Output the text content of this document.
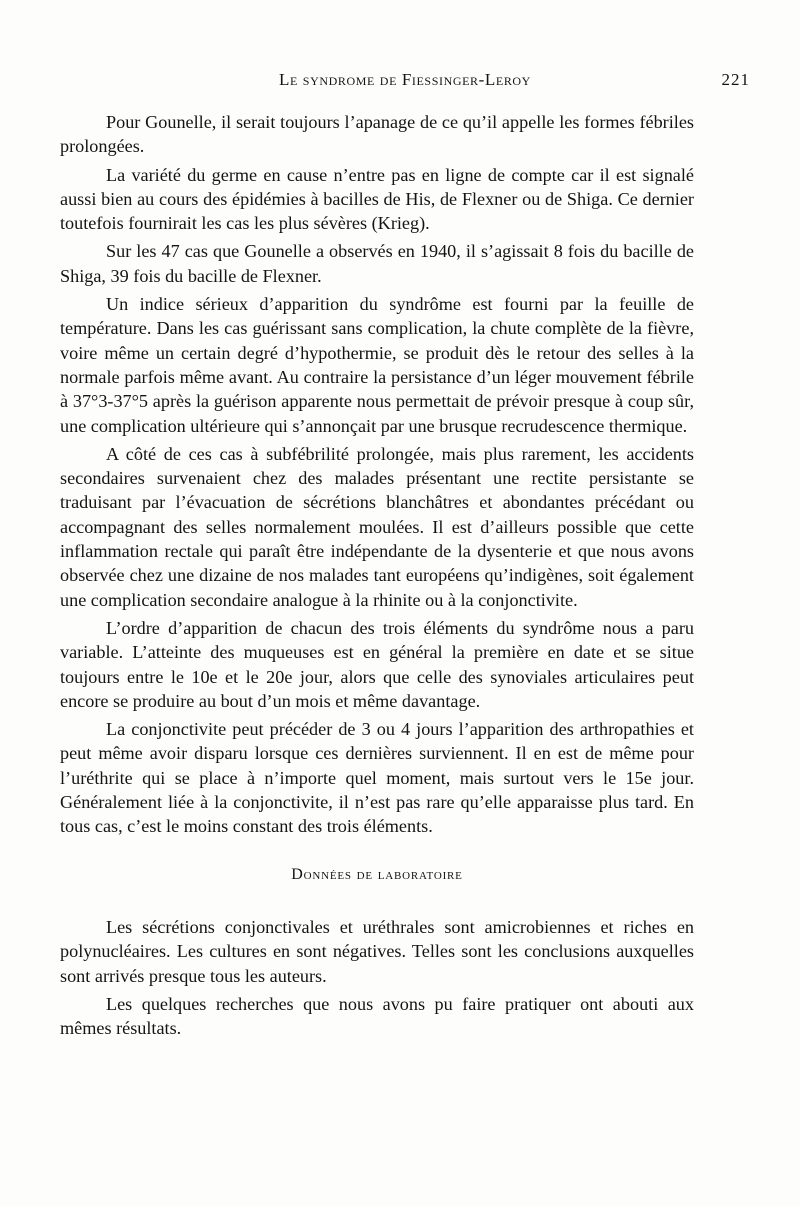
Le syndrome de Fiessinger-Leroy	221

Pour Gounelle, il serait toujours l’apanage de ce qu’il appelle les formes fébriles prolongées.

La variété du germe en cause n’entre pas en ligne de compte car il est signalé aussi bien au cours des épidémies à bacilles de His, de Flexner ou de Shiga. Ce dernier toutefois fournirait les cas les plus sévères (Krieg).

Sur les 47 cas que Gounelle a observés en 1940, il s’agissait 8 fois du bacille de Shiga, 39 fois du bacille de Flexner.

Un indice sérieux d’apparition du syndrôme est fourni par la feuille de température. Dans les cas guérissant sans complication, la chute complète de la fièvre, voire même un certain degré d’hypothermie, se produit dès le retour des selles à la normale parfois même avant. Au contraire la persistance d’un léger mouvement fébrile à 37°3-37°5 après la guérison apparente nous permettait de prévoir presque à coup sûr, une complication ultérieure qui s’annonçait par une brusque recrudescence thermique.

A côté de ces cas à subfébrilité prolongée, mais plus rarement, les accidents secondaires survenaient chez des malades présentant une rectite persistante se traduisant par l’évacuation de sécrétions blanchâtres et abondantes précédant ou accompagnant des selles normalement moulées. Il est d’ailleurs possible que cette inflammation rectale qui paraît être indépendante de la dysenterie et que nous avons observée chez une dizaine de nos malades tant européens qu’indigènes, soit également une complication secondaire analogue à la rhinite ou à la conjonctivite.

L’ordre d’apparition de chacun des trois éléments du syndrôme nous a paru variable. L’atteinte des muqueuses est en général la première en date et se situe toujours entre le 10e et le 20e jour, alors que celle des synoviales articulaires peut encore se produire au bout d’un mois et même davantage.

La conjonctivite peut précéder de 3 ou 4 jours l’apparition des arthropathies et peut même avoir disparu lorsque ces dernières surviennent. Il en est de même pour l’uréthrite qui se place à n’importe quel moment, mais surtout vers le 15e jour. Généralement liée à la conjonctivite, il n’est pas rare qu’elle apparaisse plus tard. En tous cas, c’est le moins constant des trois éléments.

Données de laboratoire

Les sécrétions conjonctivales et uréthrales sont amicrobiennes et riches en polynucléaires. Les cultures en sont négatives. Telles sont les conclusions auxquelles sont arrivés presque tous les auteurs.

Les quelques recherches que nous avons pu faire pratiquer ont abouti aux mêmes résultats.
